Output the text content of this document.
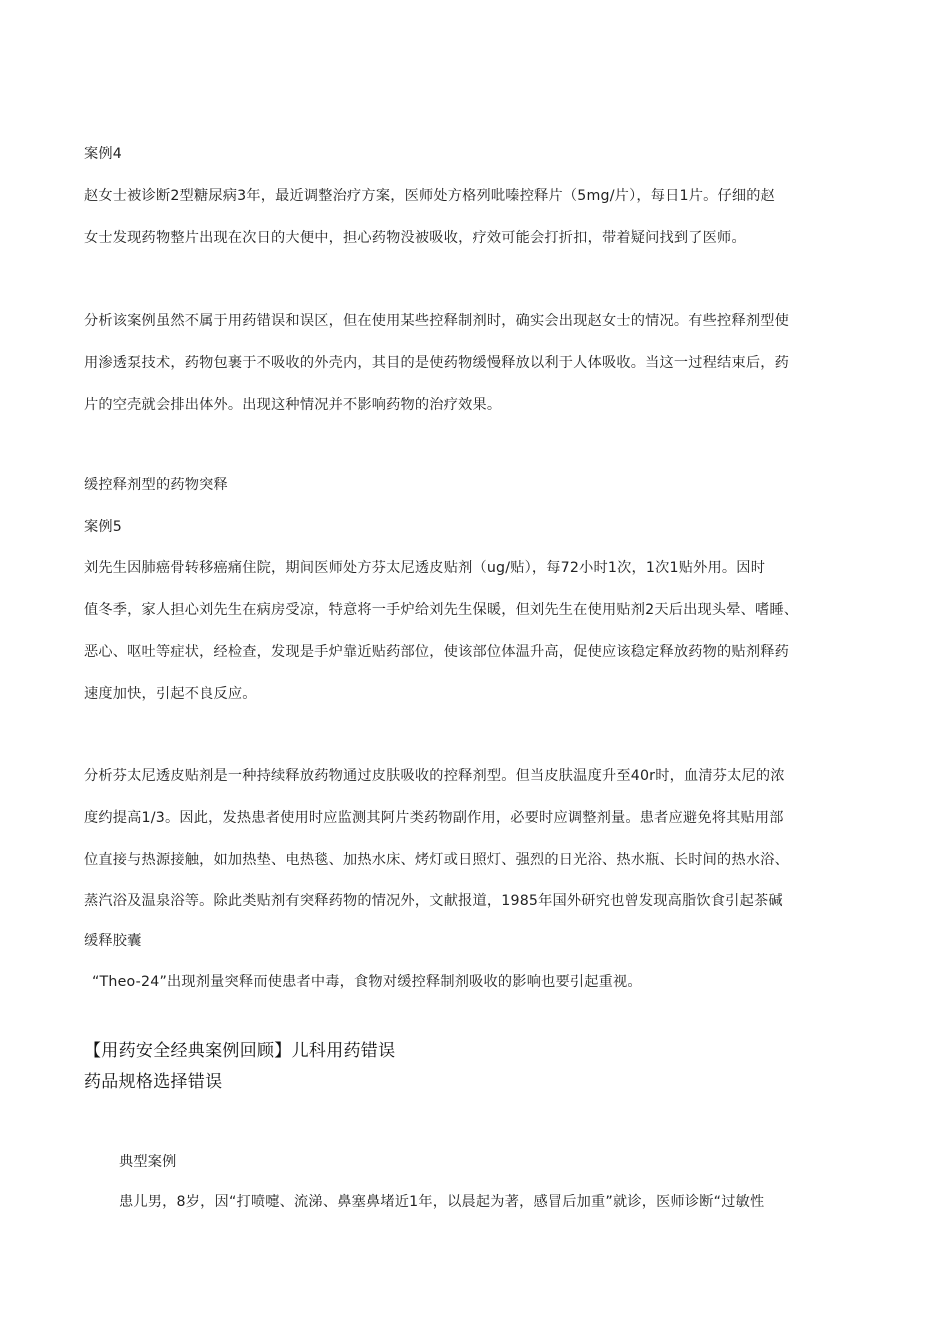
案例4
赵女士被诊断2型糖尿病3年，最近调整治疗方案，医师处方格列吡嗪控释片（5mg/片），每日1片。仔细的赵
女士发现药物整片出现在次日的大便中，担心药物没被吸收，疗效可能会打折扣，带着疑问找到了医师。
分析该案例虽然不属于用药错误和误区，但在使用某些控释制剂时，确实会出现赵女士的情况。有些控释剂型使
用渗透泵技术，药物包裹于不吸收的外壳内，其目的是使药物缓慢释放以利于人体吸收。当这一过程结束后，药
片的空壳就会排出体外。出现这种情况并不影响药物的治疗效果。
缓控释剂型的药物突释
案例5
刘先生因肺癌骨转移癌痛住院，期间医师处方芬太尼透皮贴剂（ug/贴），每72小时1次，1次1贴外用。因时
值冬季，家人担心刘先生在病房受凉，特意将一手炉给刘先生保暖，但刘先生在使用贴剂2天后出现头晕、嗜睡、
恶心、呕吐等症状，经检查，发现是手炉靠近贴药部位，使该部位体温升高，促使应该稳定释放药物的贴剂释药
速度加快，引起不良反应。
分析芬太尼透皮贴剂是一种持续释放药物通过皮肤吸收的控释剂型。但当皮肤温度升至40r时，血清芬太尼的浓
度约提高1/3。因此，发热患者使用时应监测其阿片类药物副作用，必要时应调整剂量。患者应避免将其贴用部
位直接与热源接触，如加热垫、电热毯、加热水床、烤灯或日照灯、强烈的日光浴、热水瓶、长时间的热水浴、
蒸汽浴及温泉浴等。除此类贴剂有突释药物的情况外，文献报道，1985年国外研究也曾发现高脂饮食引起茶碱
缓释胶囊
“Theo-24”出现剂量突释而使患者中毒，食物对缓控释制剂吸收的影响也要引起重视。
【用药安全经典案例回顾】儿科用药错误
药品规格选择错误
典型案例
患儿男，8岁，因“打喷嚏、流涕、鼻塞鼻堵近1年，以晨起为著，感冒后加重”就诊，医师诊断“过敏性
